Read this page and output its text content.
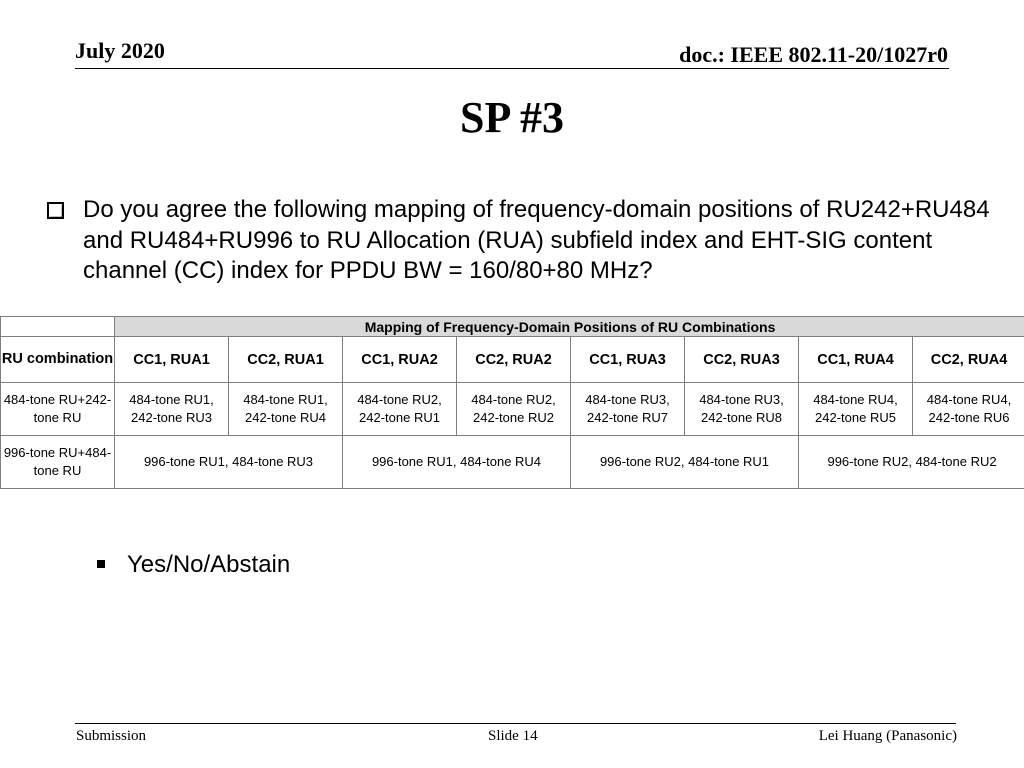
July 2020	doc.: IEEE 802.11-20/1027r0
SP #3
Do you agree the following mapping of frequency-domain positions of RU242+RU484 and RU484+RU996 to RU Allocation (RUA) subfield index and EHT-SIG content channel (CC) index for PPDU BW = 160/80+80 MHz?
	Mapping of Frequency-Domain Positions of RU Combinations							
RU combination	CC1, RUA1	CC2, RUA1	CC1, RUA2	CC2, RUA2	CC1, RUA3	CC2, RUA3	CC1, RUA4	CC2, RUA4
484-tone RU+242-tone RU	484-tone RU1, 242-tone RU3	484-tone RU1, 242-tone RU4	484-tone RU2, 242-tone RU1	484-tone RU2, 242-tone RU2	484-tone RU3, 242-tone RU7	484-tone RU3, 242-tone RU8	484-tone RU4, 242-tone RU5	484-tone RU4, 242-tone RU6
996-tone RU+484-tone RU	996-tone RU1, 484-tone RU3		996-tone RU1, 484-tone RU4		996-tone RU2, 484-tone RU1		996-tone RU2, 484-tone RU2	
Yes/No/Abstain
Submission	Slide 14	Lei Huang (Panasonic)
